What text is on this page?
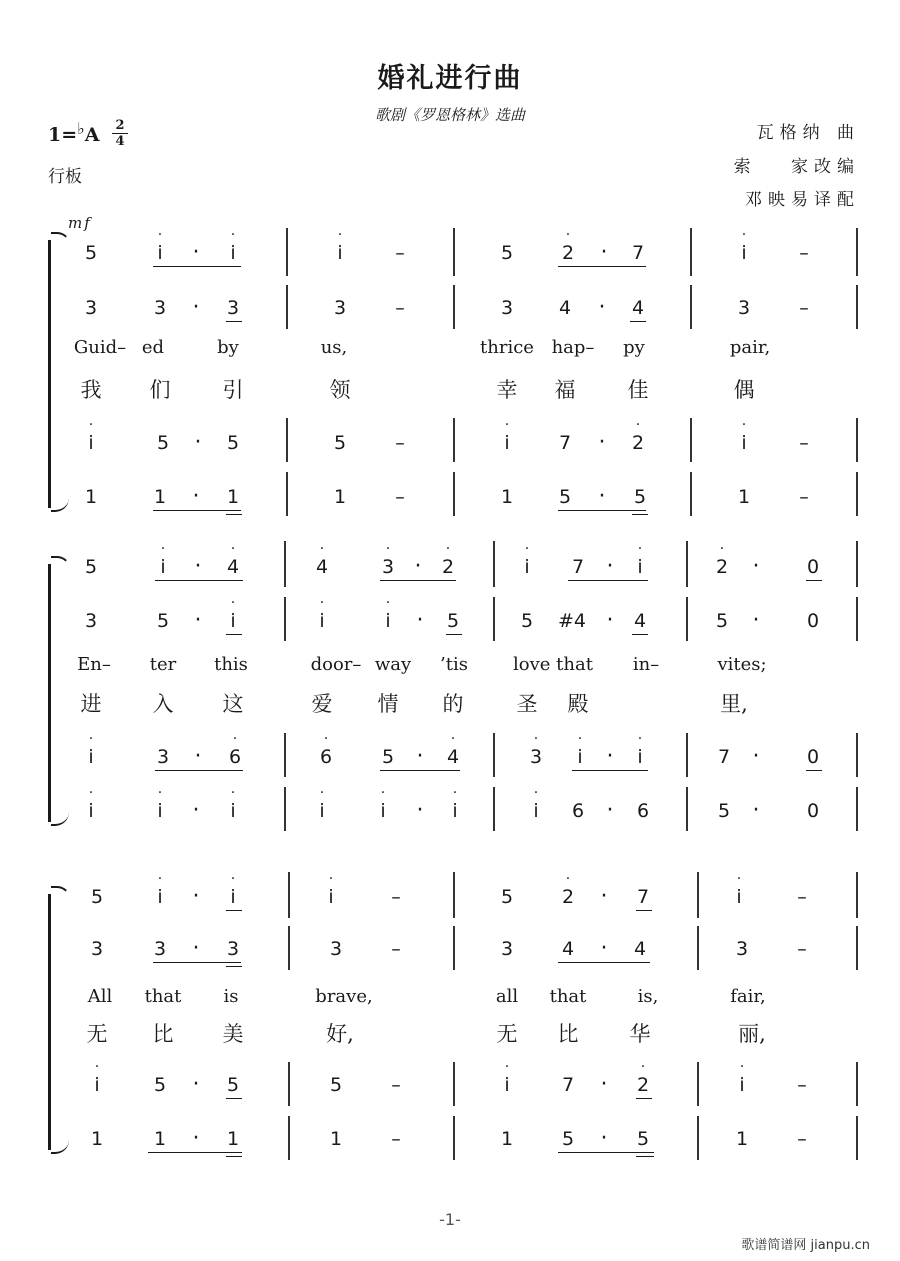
婚礼进行曲
歌剧《罗恩格林》选曲
1=♭A 2
4
行板
瓦格纳 曲
索　 家改编
邓映易译配
mf
5
·
i ·
·
i
·
i	–	5
·
2 · 7
·
i	–
3	3 · 3	3	–	3 4 · 4	3	–
Guid– ed	by	us,	thrice hap– py	pair,
我 们 引	领	幸 福 佳	偶
·
i	5 · 5	5	–
·
i	7 ·
·
2
·
i	–
1	1 · 1	1	–	1 5 · 5	1	–
5
·
i ·
·
4
·
4
·
3 ·
·
2
·
i 7 ·
·
i
·
2 · 0
3	5 ·
·
i
·
i
·
i · 5	5 #4 · 4	5 · 0
En– ter this	door– way ’tis	love that in–	vites;
进 入 这	爱 情 的	圣 殿	里,
·
i	3 ·
·
6
·
6	5 ·
·
4
·
3
·
i ·
·
i	7 · 0
·
i
·
i ·
·
i
·
i
·
i ·
·
i
·
i 6 · 6	5 · 0
5
·
i ·
·
i
·
i	–	5
·
2 · 7
·
i	–
3	3 · 3	3	–	3	4 · 4	3	–
All that is	brave,	all that	is,	fair,
无 比 美	好,	无 比 华	丽,
·
i	5 · 5	5	–
·
i	7 ·
·
2
·
i	–
1	1 · 1	1	–	1	5 · 5	1	–
-1-
歌谱简谱网 jianpu.cn
